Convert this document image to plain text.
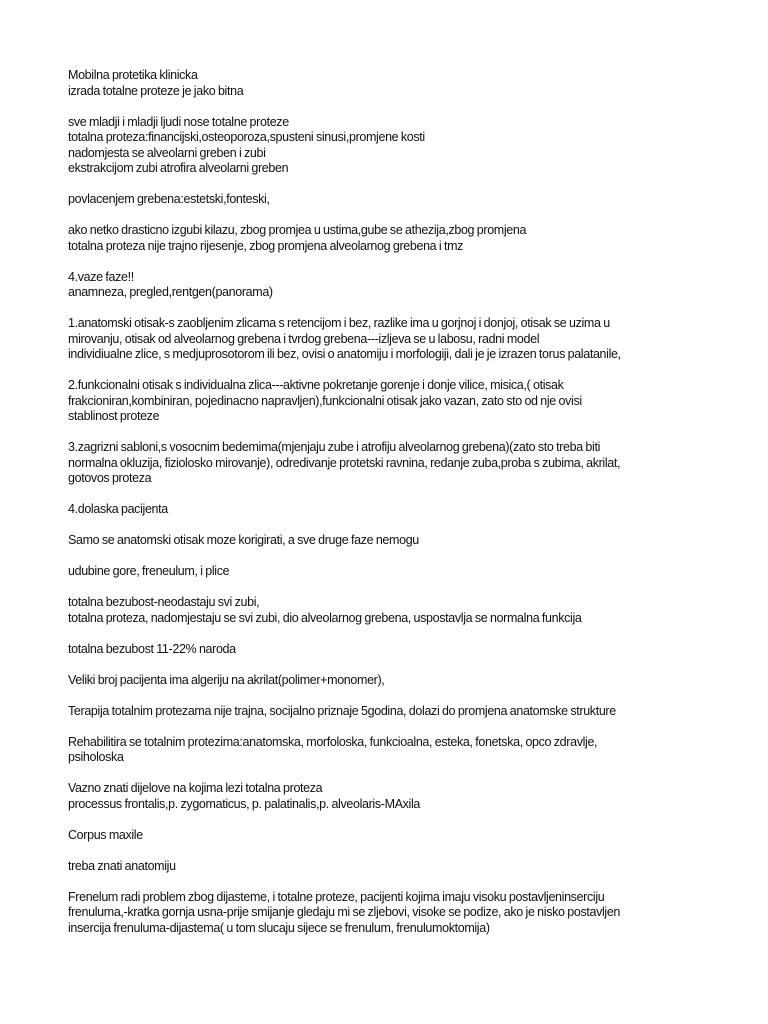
Mobilna protetika klinicka
izrada totalne proteze je jako bitna
sve mladji i mladji ljudi nose totalne proteze
totalna proteza:financijski,osteoporoza,spusteni sinusi,promjene kosti
nadomjesta se alveolarni greben i zubi
ekstrakcijom zubi atrofira alveolarni greben
povlacenjem grebena:estetski,fonteski,
ako netko drasticno izgubi kilazu, zbog promjea u ustima,gube se athezija,zbog promjena
totalna proteza nije trajno rijesenje, zbog promjena alveolarnog grebena i tmz
4.vaze faze!!
anamneza, pregled,rentgen(panorama)
1.anatomski otisak-s zaobljenim zlicama s retencijom i bez, razlike ima u gorjnoj i donjoj, otisak se uzima u
mirovanju, otisak od alveolarnog grebena i tvrdog grebena---izljeva se u labosu, radni model
individiualne zlice, s medjuprosotorom ili bez, ovisi o anatomiju i morfologiji, dali je je izrazen torus palatanile,
2.funkcionalni otisak s individualna zlica---aktivne pokretanje gorenje i donje vilice, misica,( otisak
frakcioniran,kombiniran, pojedinacno napravljen),funkcionalni otisak jako vazan, zato sto od nje ovisi
stablinost proteze
3.zagrizni sabloni,s vosocnim bedemima(mjenjaju zube i atrofiju alveolarnog grebena)(zato sto treba biti
normalna okluzija, fiziolosko mirovanje), odredivanje protetski ravnina, redanje zuba,proba s zubima, akrilat,
gotovos proteza
4.dolaska pacijenta
Samo se anatomski otisak moze korigirati, a sve druge faze nemogu
udubine gore, freneulum, i plice
totalna bezubost-neodastaju svi zubi,
totalna proteza, nadomjestaju se svi zubi, dio alveolarnog grebena, uspostavlja se normalna funkcija
totalna bezubost 11-22% naroda
Veliki broj pacijenta ima algeriju na akrilat(polimer+monomer),
Terapija totalnim protezama nije trajna, socijalno priznaje 5godina, dolazi do promjena anatomske strukture
Rehabilitira se totalnim protezima:anatomska, morfoloska, funkcioalna, esteka, fonetska, opco zdravlje,
psiholoska
Vazno znati dijelove na kojima lezi totalna proteza
processus frontalis,p. zygomaticus, p. palatinalis,p. alveolaris-MAxila
Corpus maxile
treba znati anatomiju
Frenelum radi problem zbog dijasteme, i totalne proteze, pacijenti kojima imaju visoku postavljeninserciju
frenuluma,-kratka gornja usna-prije smijanje gledaju mi se zljebovi, visoke se podize, ako je nisko postavljen
insercija frenuluma-dijastema( u tom slucaju sijece se frenulum, frenulumoktomija)
